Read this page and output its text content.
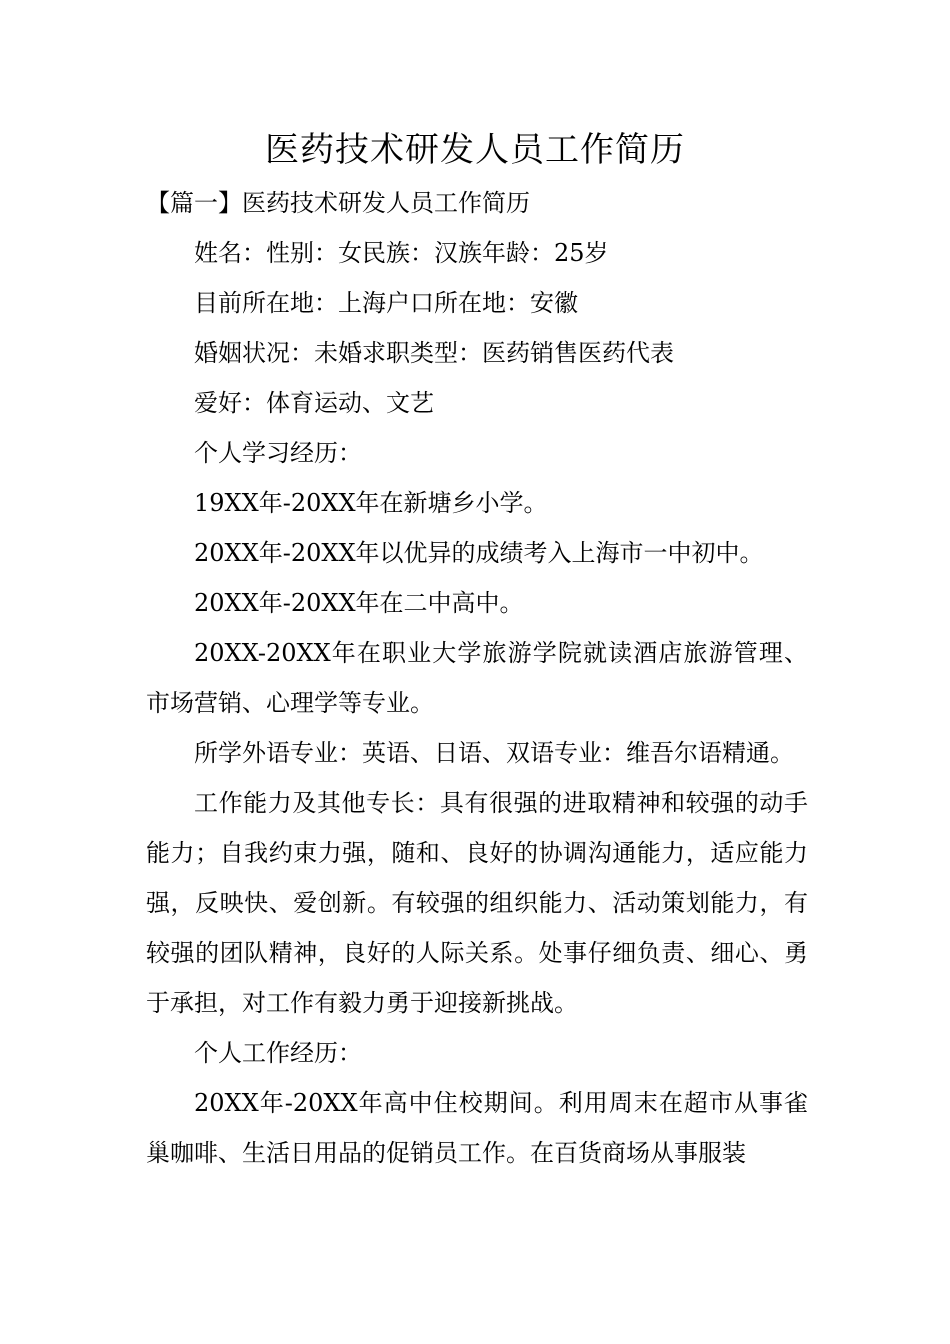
医药技术研发人员工作简历

【篇一】医药技术研发人员工作简历

姓名：性别：女民族：汉族年龄：25岁

目前所在地：上海户口所在地：安徽

婚姻状况：未婚求职类型：医药销售医药代表

爱好：体育运动、文艺

个人学习经历：

19XX年-20XX年在新塘乡小学。

20XX年-20XX年以优异的成绩考入上海市一中初中。

20XX年-20XX年在二中高中。

20XX-20XX年在职业大学旅游学院就读酒店旅游管理、市场营销、心理学等专业。

所学外语专业：英语、日语、双语专业：维吾尔语精通。

工作能力及其他专长：具有很强的进取精神和较强的动手能力；自我约束力强，随和、良好的协调沟通能力，适应能力强，反映快、爱创新。有较强的组织能力、活动策划能力，有较强的团队精神，良好的人际关系。处事仔细负责、细心、勇于承担，对工作有毅力勇于迎接新挑战。

个人工作经历：

20XX年-20XX年高中住校期间。利用周末在超市从事雀巢咖啡、生活日用品的促销员工作。在百货商场从事服装
